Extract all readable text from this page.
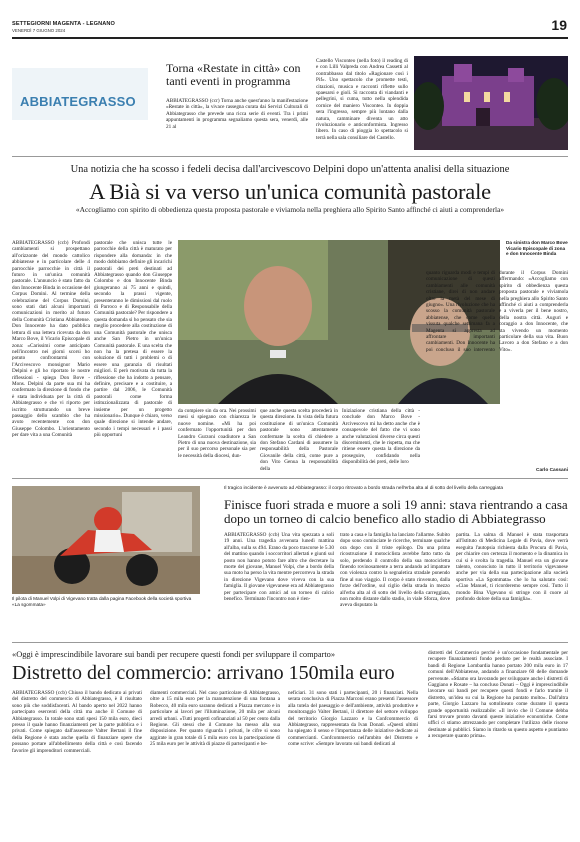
SETTEGIORNI MAGENTA - LEGNANO
VENERDÌ 7 GIUGNO 2024	19
ABBIATEGRASSO
Torna «Restate in città» con tanti eventi in programma
ABBIATEGRASSO (ccr) Torna anche quest'anno la manifestazione «Restate in città», la vivace rassegna curata dai Servizi Culturali di Abbiategrasso che prevede una ricca serie di eventi. Tra i primi appuntamenti in programma segnaliamo questa sera, venerdì, alle 21 al
Castello Visconteo (nella foto) il reading di e con Lilli Valpreda con Andrea Cassetti al contrabbasso dal titolo «Ragionare così i Pif». Uno spettacolo che promette testi, citazioni, musica e racconti riflette sullo spaesarsi e gioli. Si racconta di viandanti e pellegrini, si cuma, tutto nella splendida cornice del maniero Visconteo. In doppia sera l'ingresso, sempre più lontano dalla natura, camminare diventa un atto rivoluzionario e anticonformista. Ingresso libero. In caso di pioggia lo spettacolo si terrà nella sala consiliare del Castello.
Una notizia che ha scosso i fedeli decisa dall'arcivescovo Delpini dopo un'attenta analisi della situazione
A Bià si va verso un'unica comunità pastorale
«Accogliamo con spirito di obbedienza questa proposta pastorale e viviamola nella preghiera allo Spirito Santo affinché ci aiuti a comprenderla»
ABBIATEGRASSO (ccb) Profondi cambiamenti si prospettano all'orizzonte del mondo cattolico abbiatense e in particolare delle 4 parrocchie parrocchie in città il futuro in un'unica comunità pastorale. L'annuncio è stato fatto da don Innocente Binda in occasione del Corpus Domini. Al termine della celebrazione del Corpus Domini, sono stati dati alcuni importanti comunicazioni in merito al futuro della Comunità Cristiana Abbiatense. Don Innocente ha dato pubblica lettura di una lettera ricevuta da don Marco Bove, il Vicario Episcopale di zona: «Carissimi come anticipato nell'incontro nei giorni scorsi ho potuto confrontarmi con l'Arcivescovo monsignor Mario Delpini e gli ho riportato le nostre riflessioni - spiega Don Bove - Mons. Delpini da parte sua mi ha confermato la direzione di fondo che è stata individuata per la città di Abbiategrasso e che vi riporto per iscritto strutturando un breve passaggio dello scambio che ha avuto recentemente con don Giuseppe Colombo. L'orientamento per dare vita a una Comunità
pastorale che unisca tutte le parrocchie della città è maturato per rispondere alla domanda: in che modo dobbiamo definire gli incarichi pastorali dei preti destinati ad Abbiategrasso quando don Giuseppe Colombo e don Innocente Binda giungeranno ai 75 anni e quindi, secondo la prassi vigente, presenteranno le dimissioni dal ruolo di Parroco e di Responsabile della Comunità pastorale? Per rispondere a questa domanda si ho pensato che sia meglio procedere alla costituzione di una Comunità pastorale che unisca anche San Pietro in un'unica Comunità pastorale. E una scelta che non ha la pretesa di essere la soluzione di tutti i problemi o di essere una garanzia di risultati migliori. E però motivata da tutta la riflessione che ha indotto a pensare, definire, precisare e a costituire, a partire dal 2006, le Comunità pastorali come forma istituzionalizzata di pastorale di insieme per un progetto missionario». Dunque è chiaro, verso quale direzione si intende andare, secondo i tempi necessari e i passi più opportuni
Da sinistra don Marco Bove Vicario Episcopale di zona e don Innocente Binda
da compiere sin da ora. Nei prossimi mesi si spiegano con chiarezza le nuove nomine. «Mi ha poi confermato l'opportunità per don Leandro Gurzoni coadiutore a San Pietro di una nuova destinazione, sia per il suo percorso personale sia per le necessità della diocesi, dun-
que anche questa scelta procederà in questa direzione. In vista della futura costituzione di un'unica Comunità pastorale sono attentamente confermate la scelta di chiedere a don Stefano Cardani di assumere la responsabilità della Pastorale Giovanile della città, come pure a don Vito Genua la responsabilità della
Iniziazione cristiana della città - conclude don Marco Bove - Arcivescovo mi ha detto anche che è consapevole del fatto che vi sono anche valutazioni diverse circa questi discernimenti, che le rispetta, ma che ritiene essere questa la direzione da proseguire, confidando nella disponibilità dei preti, delle loro
quanto riguarda modi e tempi di comunicazione di questi cambiamenti alle comunità cristiane, direi di non andare oltre la metà del mese di giugno». Una rivoluzione che ha scosso la comunità pastorale abbiatense, che come quella vissuta qualche settimana fa a Magenta si appresta ad affrontare importanti cambiamenti. Don Innocente ha poi concluso il suo intervento durante il Corpus Domini affermando: «Accogliamo con spirito di obbedienza questa proposta pastorale e viviamola nella preghiera allo Spirito Santo affinché ci aiuti a comprenderla e a viverla per il bene nostro, della nostra città. Auguri e coraggio a don Innocente, che sta vivendo un momento particolare della sua vita. Buon Lavoro a don Stefano e a don Vito».
Carlo Cassani
Il pilota di Manuel Volpi di Vigevano tratta dalla pagina Facebook della società sportiva «La sgommata»
Il tragico incidente è avvenuto ad Abbiategrasso: il corpo ritrovato a bordo strada nell'erba alta al di sotto del livello della carreggiata
Finisce fuori strada e muore a soli 19 anni: stava rientrando a casa dopo un torneo di calcio benefico allo stadio di Abbiategrasso
ABBIATEGRASSO (ccb) Una vita spezzata a soli 19 anni. Una tragedia avvenuta lunedì mattina all'alba, sulla ss 494. Erano da poco trascorse le 5.30 del mattino quando i soccorritori allertati e giunti sul posto non hanno potuto fare altro che decretare la morte del giovane, Manuel Volpi, che a bordo della sua moto ha perso la vita mentre percorreva la strada in direzione Vigevano dove viveva con la sua famiglia. Il giovane vigevanese era ad Abbiategrasso per partecipare con amici ad un torneo di calcio benefico. Terminato l'incontro non è rien-
trato a casa e la famiglia ha lanciato l'allarme. Subito dopo sono cominciate le ricerche, terminate qualche ora dopo con il triste epilogo. Da una prima ricostruzione il motociclista avrebbe fatto tutto da solo, perdendo il controllo della sua motocicletta finendo rovinosamente a terra andando ad impattare con violenza contro la segnaletica stradale ponendo fine al suo viaggio. Il corpo è stato rinvenuto, dalla forze dell'ordine, sul ciglio della strada in mezzo all'erba alta al di sotto del livello della carreggiata, non molto distante dallo stadio, in viale Sforza, dove aveva disputato la
partita. La salma di Manuel è stata trasportata all'Istituto di Medicina Legale di Pavia, dove verrà eseguita l'autopsia richiesta dalla Procura di Pavia, per chiarire con certezza il momento e la dinamica in cui si è svolta la tragedia. Manuel era un giovane talento, conosciuto in tutto il territorio vigevanese anche per via della sua partecipazione alla società sportiva «La Sgommata» che lo ha salutato così: «Ciao Manuel, ti ricorderemo sempre così. Tutto il mondo Bina Vigevano si stringe con il cuore al profondo dolore della sua famiglia».
«Oggi è imprescindibile lavorare sui bandi per recupere questi fondi per sviluppare il comparto»
Distretto del commercio: arrivano 150mila euro
ABBIATEGRASSO (ccb) Chiuso il bando dedicato ai privati del distretto del commercio di Abbiategrasso, è il risultato sono più che soddisfacenti. Al bando aperto nel 2022 hanno partecipato esercenti della città ma anche il Comune di Abbiategrasso. In totale sono stati spesi 150 mila euro, dieci presso il quale hanno finanziamenti per la parte pubblica e i privati. Come spiegato dall'assessore Valter Bertani il fine della Regione è stata anche quella di finanziare opere che possano portare all'abbellimento della città e così facendo favorire gli imprenditori commerciali.
diamenti commerciali. Nel caso particolare di Abbiategrasso, oltre a 15 mila euro per la manutenzione di una fontana a Robecco, 40 mila euro saranno dedicati a Piazza mercato e in particolare ai lavori per l'illuminazione, 20 mila per alcuni arredi urbani. «Tutti progetti cofinanziati al 50 per cento dalla Regione. Gli stessi che il Comune ha messo alla sua disposizione. Per quanto riguarda i privati, le cifre si sono aggirate in gran totale di 5 mila euro con la partecipazione di 25 mila euro per le attività di piazze di partecipanti e be-
neficiari. 31 sono stati i partecipanti, 20 i finanziati. Nella serata conclusiva di Piazza Marconi erano presenti l'assessore alla tutela del paesaggio e dell'ambiente, attività produttive e monitoraggio Valter Bertani, il direttore del settore sviluppo del territorio Giorgio Lazzaro e la Confcommercio di Abbiategrasso, rappresentata da Ivan Donati. «Questi ultimi ha spiegato il senso e l'importanza delle iniziative dedicate ai commercianti. Confcommercio nell'ambito del Distretto e come scrive: «Sempre lavorato sui bandi dedicati al
distretti del Commercio perché è un'occasione fondamentale per recupere finanziamenti fondo perduto per le realtà associate. I bandi di Regione Lombardia hanno portato 200 mila euro in 17 comuni dell'Abbiatense, andando a finanziare 60 delle domande pervenute. «Stiamo ora lavorando per sviluppare anche i distretti di Gaggiano e Rosate – ha concluso Donati – Oggi è imprescindibile lavorare sui bandi per recupere questi fondi e farlo tramite il distretto, un'idea su cui la Regione ha puntato molto». Dall'altra parte, Giorgio Lazzaro ha sottolineato come durante il questa grande opportunità realizzabile: «Il invio che il Comune debba farsi trovare pronto davanti queste iniziative economiche. Come uffici ci stiamo attrezzando per completare l'utilizzo delle risorse destinate ai pubblici. Siamo in ritardo su questo aspetto e puntiamo a recuperare quanto prima».
